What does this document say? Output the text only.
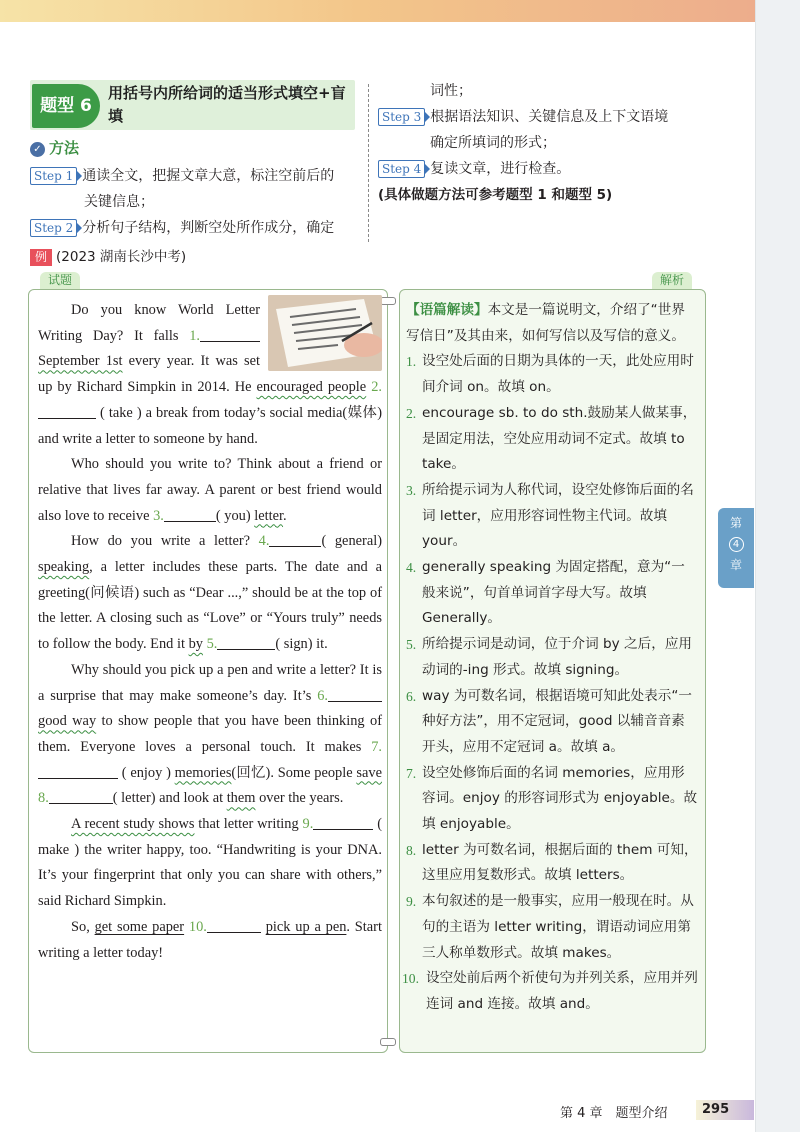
题型 6
用括号内所给词的适当形式填空+盲填
✓ 方法
Step 1 通读全文，把握文章大意，标注空前后的
关键信息；
Step 2 分析句子结构，判断空处所作成分，确定
词性；
Step 3 根据语法知识、关键信息及上下文语境
确定所填词的形式；
Step 4 复读文章，进行检查。
(具体做题方法可参考题型 1 和题型 5)
例 (2023 湖南长沙中考)
试题	解析

Do you know World Letter Writing Day? It falls 1. September 1st every year. It was set up by Richard Simpkin in 2014. He encouraged people 2. ( take ) a break from today’s social media(媒体) and write a letter to someone by hand.

Who should you write to? Think about a friend or relative that lives far away. A parent or best friend would also love to receive 3.	( you) letter.

How do you write a letter? 4.	( general) speaking, a letter includes these parts. The date and a greeting(问候语) such as “Dear ...,” should be at the top of the letter. A closing such as “Love” or “Yours truly” needs to follow the body. End it by 5.	( sign) it.

Why should you pick up a pen and write a letter? It is a surprise that may make someone’s day. It’s 6. good way to show people that you have been thinking of them. Everyone loves a personal touch. It makes 7. ( enjoy ) memories(回忆). Some people save 8.	( letter) and look at them over the years.

A recent study shows that letter writing 9.	( make ) the writer happy, too. “Handwriting is your DNA. It’s your fingerprint that only you can share with others,” said Richard Simpkin.

So, get some paper 10.	pick up a pen. Start writing a letter today!

【语篇解读】本文是一篇说明文，介绍了“世界写信日”及其由来，如何写信以及写信的意义。
1. 设空处后面的日期为具体的一天，此处应用时间介词 on。故填 on。
2. encourage sb. to do sth.鼓励某人做某事，是固定用法，空处应用动词不定式。故填 to take。
3. 所给提示词为人称代词，设空处修饰后面的名词 letter，应用形容词性物主代词。故填 your。
4. generally speaking 为固定搭配，意为“一般来说”，句首单词首字母大写。故填 Generally。
5. 所给提示词是动词，位于介词 by 之后，应用动词的-ing 形式。故填 signing。
6. way 为可数名词，根据语境可知此处表示“一种好方法”，用不定冠词，good 以辅音音素开头，应用不定冠词 a。故填 a。
7. 设空处修饰后面的名词 memories，应用形容词。enjoy 的形容词形式为 enjoyable。故填 enjoyable。
8. letter 为可数名词，根据后面的 them 可知，这里应用复数形式。故填 letters。
9. 本句叙述的是一般事实，应用一般现在时。从句的主语为 letter writing，谓语动词应用第三人称单数形式。故填 makes。
10. 设空处前后两个祈使句为并列关系，应用并列连词 and 连接。故填 and。
第
4
章
第 4 章　题型介绍	295
